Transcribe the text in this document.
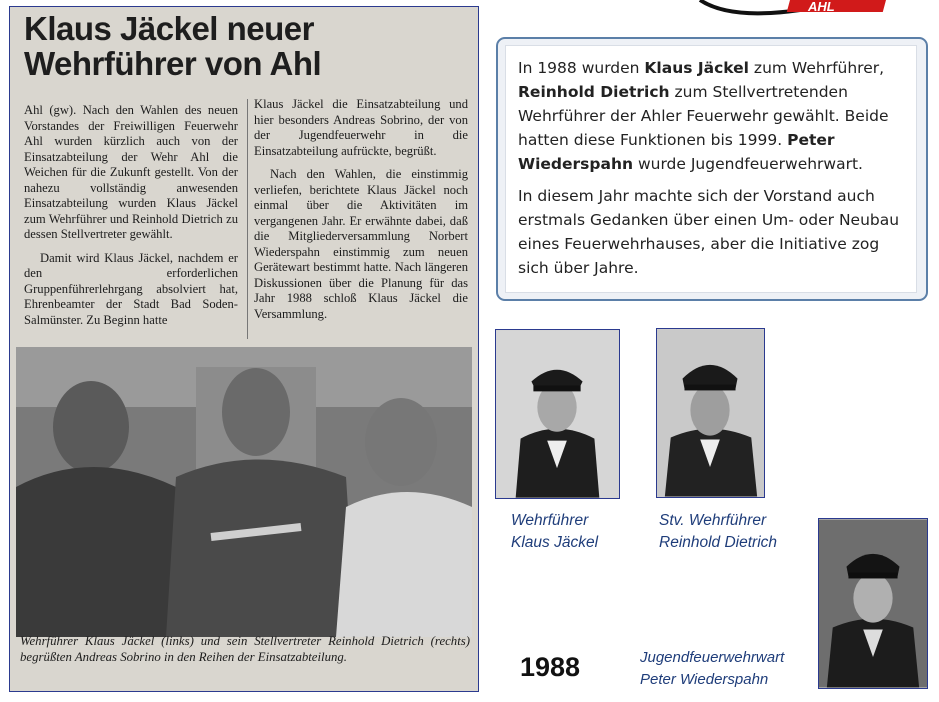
AHL
Klaus Jäckel neuer
Wehrführer von Ahl

Ahl (gw). Nach den Wahlen des neuen Vorstandes der Freiwilligen Feuerwehr Ahl wurden kürzlich auch von der Einsatzabteilung der Wehr Ahl die Weichen für die Zukunft gestellt. Von der nahezu vollständig anwesenden Einsatzabteilung wurden Klaus Jäckel zum Wehrführer und Reinhold Dietrich zu dessen Stellvertreter gewählt.

Damit wird Klaus Jäckel, nachdem er den erforderlichen Gruppenführerlehrgang absolviert hat, Ehrenbeamter der Stadt Bad Soden-Salmünster. Zu Beginn hatte

Klaus Jäckel die Einsatzabteilung und hier besonders Andreas Sobrino, der von der Jugendfeuerwehr in die Einsatzabteilung aufrückte, begrüßt.

Nach den Wahlen, die einstimmig verliefen, berichtete Klaus Jäckel noch einmal über die Aktivitäten im vergangenen Jahr. Er erwähnte dabei, daß die Mitgliederversammlung Norbert Wiederspahn einstimmig zum neuen Gerätewart bestimmt hatte. Nach längeren Diskussionen über die Planung für das Jahr 1988 schloß Klaus Jäckel die Versammlung.

Wehrführer Klaus Jäckel (links) und sein Stellvertreter Reinhold Dietrich (rechts) begrüßten Andreas Sobrino in den Reihen der Einsatzabteilung.

In 1988 wurden Klaus Jäckel zum Wehrführer, Reinhold Dietrich zum Stellvertretenden Wehrführer der Ahler Feuerwehr gewählt. Beide hatten diese Funktionen bis 1999. Peter Wiederspahn wurde Jugendfeuerwehrwart.

In diesem Jahr machte sich der Vorstand auch erstmals Gedanken über einen Um- oder Neubau eines Feuerwehrhauses, aber die Initiative zog sich über Jahre.

Wehrführer
Klaus Jäckel
Stv. Wehrführer
Reinhold Dietrich
Jugendfeuerwehrwart
Peter Wiederspahn
1988
